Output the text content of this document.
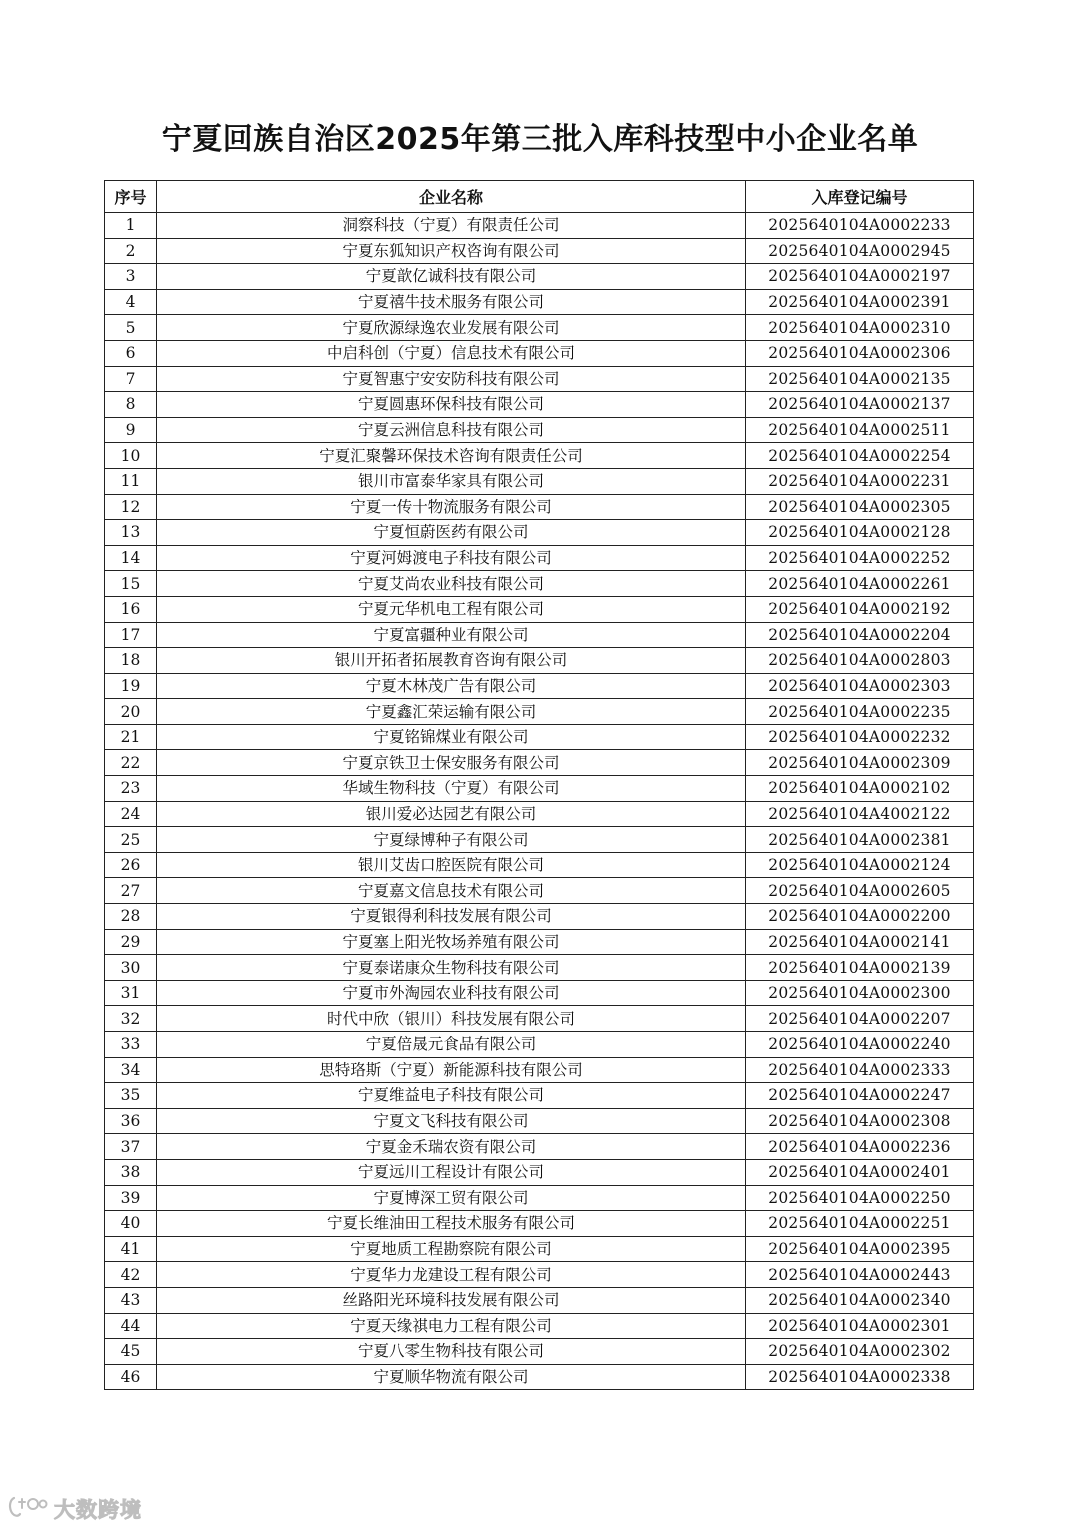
宁夏回族自治区2025年第三批入库科技型中小企业名单
序号	企业名称	入库登记编号
1	洞察科技（宁夏）有限责任公司	2025640104A0002233
2	宁夏东狐知识产权咨询有限公司	2025640104A0002945
3	宁夏歆亿诚科技有限公司	2025640104A0002197
4	宁夏禧牛技术服务有限公司	2025640104A0002391
5	宁夏欣源绿逸农业发展有限公司	2025640104A0002310
6	中启科创（宁夏）信息技术有限公司	2025640104A0002306
7	宁夏智惠宁安安防科技有限公司	2025640104A0002135
8	宁夏圆惠环保科技有限公司	2025640104A0002137
9	宁夏云洲信息科技有限公司	2025640104A0002511
10	宁夏汇聚馨环保技术咨询有限责任公司	2025640104A0002254
11	银川市富泰华家具有限公司	2025640104A0002231
12	宁夏一传十物流服务有限公司	2025640104A0002305
13	宁夏恒蔚医药有限公司	2025640104A0002128
14	宁夏河姆渡电子科技有限公司	2025640104A0002252
15	宁夏艾尚农业科技有限公司	2025640104A0002261
16	宁夏元华机电工程有限公司	2025640104A0002192
17	宁夏富疆种业有限公司	2025640104A0002204
18	银川开拓者拓展教育咨询有限公司	2025640104A0002803
19	宁夏木林茂广告有限公司	2025640104A0002303
20	宁夏鑫汇荣运输有限公司	2025640104A0002235
21	宁夏铭锦煤业有限公司	2025640104A0002232
22	宁夏京铁卫士保安服务有限公司	2025640104A0002309
23	华域生物科技（宁夏）有限公司	2025640104A0002102
24	银川爱必达园艺有限公司	2025640104A4002122
25	宁夏绿博种子有限公司	2025640104A0002381
26	银川艾齿口腔医院有限公司	2025640104A0002124
27	宁夏嘉文信息技术有限公司	2025640104A0002605
28	宁夏银得利科技发展有限公司	2025640104A0002200
29	宁夏塞上阳光牧场养殖有限公司	2025640104A0002141
30	宁夏泰诺康众生物科技有限公司	2025640104A0002139
31	宁夏市外淘园农业科技有限公司	2025640104A0002300
32	时代中欣（银川）科技发展有限公司	2025640104A0002207
33	宁夏倍晟元食品有限公司	2025640104A0002240
34	思特珞斯（宁夏）新能源科技有限公司	2025640104A0002333
35	宁夏维益电子科技有限公司	2025640104A0002247
36	宁夏文飞科技有限公司	2025640104A0002308
37	宁夏金禾瑞农资有限公司	2025640104A0002236
38	宁夏远川工程设计有限公司	2025640104A0002401
39	宁夏博深工贸有限公司	2025640104A0002250
40	宁夏长维油田工程技术服务有限公司	2025640104A0002251
41	宁夏地质工程勘察院有限公司	2025640104A0002395
42	宁夏华力龙建设工程有限公司	2025640104A0002443
43	丝路阳光环境科技发展有限公司	2025640104A0002340
44	宁夏天缘祺电力工程有限公司	2025640104A0002301
45	宁夏八零生物科技有限公司	2025640104A0002302
46	宁夏顺华物流有限公司	2025640104A0002338
大数跨境
